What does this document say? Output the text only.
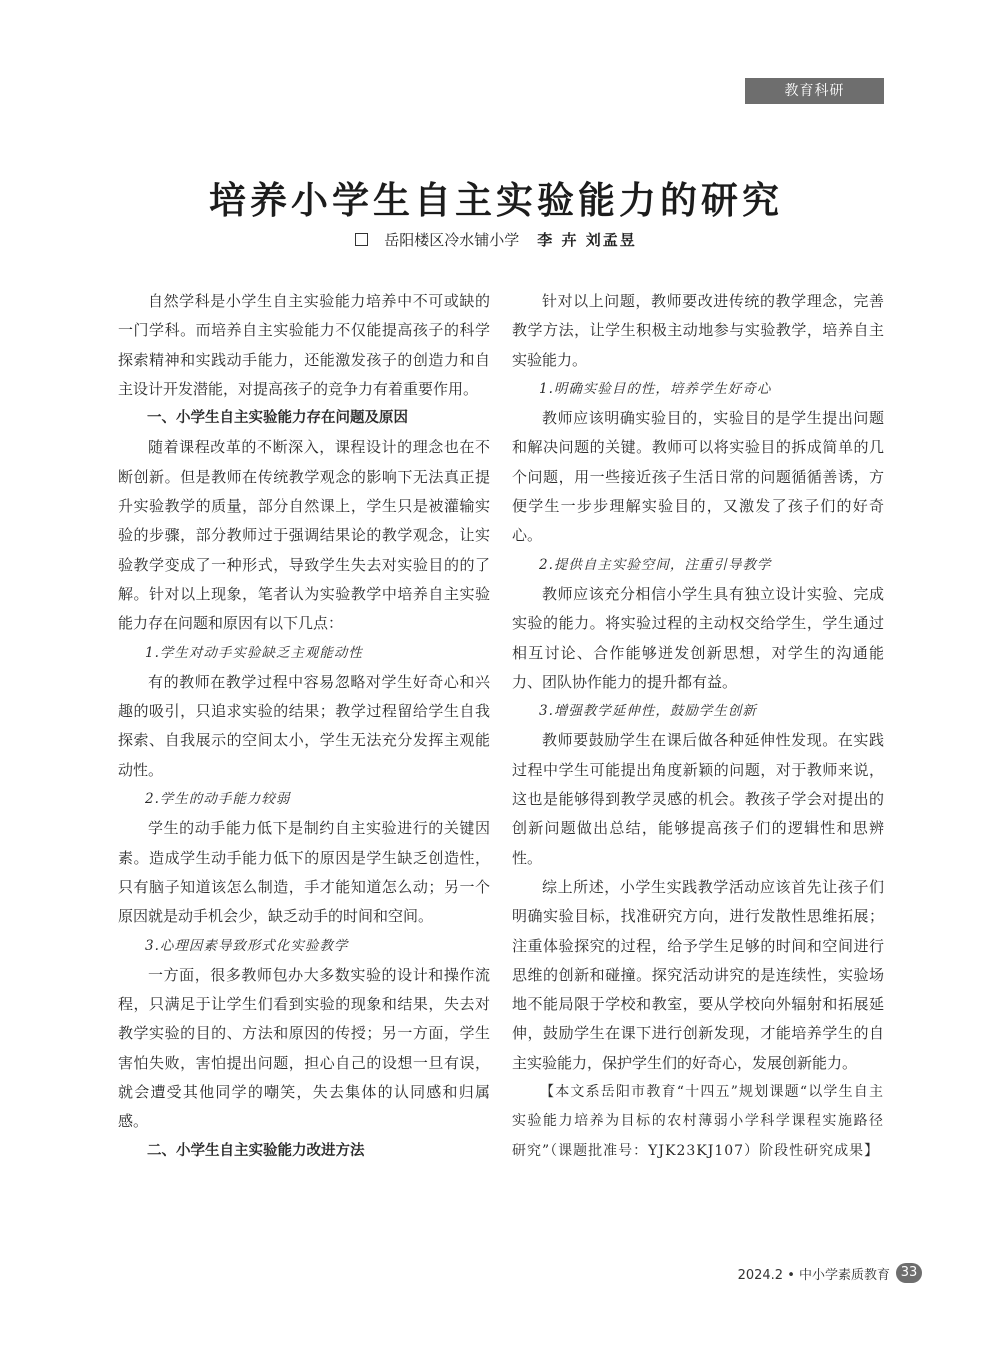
教育科研
培养小学生自主实验能力的研究
岳阳楼区冷水铺小学 李 卉 刘孟昱

自然学科是小学生自主实验能力培养中不可或缺的一门学科。而培养自主实验能力不仅能提高孩子的科学探索精神和实践动手能力，还能激发孩子的创造力和自主设计开发潜能，对提高孩子的竞争力有着重要作用。

一、小学生自主实验能力存在问题及原因

随着课程改革的不断深入，课程设计的理念也在不断创新。但是教师在传统教学观念的影响下无法真正提升实验教学的质量，部分自然课上，学生只是被灌输实验的步骤，部分教师过于强调结果论的教学观念，让实验教学变成了一种形式，导致学生失去对实验目的的了解。针对以上现象，笔者认为实验教学中培养自主实验能力存在问题和原因有以下几点：

1.学生对动手实验缺乏主观能动性

有的教师在教学过程中容易忽略对学生好奇心和兴趣的吸引，只追求实验的结果；教学过程留给学生自我探索、自我展示的空间太小，学生无法充分发挥主观能动性。

2.学生的动手能力较弱

学生的动手能力低下是制约自主实验进行的关键因素。造成学生动手能力低下的原因是学生缺乏创造性，只有脑子知道该怎么制造，手才能知道怎么动；另一个原因就是动手机会少，缺乏动手的时间和空间。

3.心理因素导致形式化实验教学

一方面，很多教师包办大多数实验的设计和操作流程，只满足于让学生们看到实验的现象和结果，失去对教学实验的目的、方法和原因的传授；另一方面，学生害怕失败，害怕提出问题，担心自己的设想一旦有误，就会遭受其他同学的嘲笑，失去集体的认同感和归属感。

二、小学生自主实验能力改进方法

针对以上问题，教师要改进传统的教学理念，完善教学方法，让学生积极主动地参与实验教学，培养自主实验能力。

1.明确实验目的性，培养学生好奇心

教师应该明确实验目的，实验目的是学生提出问题和解决问题的关键。教师可以将实验目的拆成简单的几个问题，用一些接近孩子生活日常的问题循循善诱，方便学生一步步理解实验目的，又激发了孩子们的好奇心。

2.提供自主实验空间，注重引导教学

教师应该充分相信小学生具有独立设计实验、完成实验的能力。将实验过程的主动权交给学生，学生通过相互讨论、合作能够迸发创新思想，对学生的沟通能力、团队协作能力的提升都有益。

3.增强教学延伸性，鼓励学生创新

教师要鼓励学生在课后做各种延伸性发现。在实践过程中学生可能提出角度新颖的问题，对于教师来说，这也是能够得到教学灵感的机会。教孩子学会对提出的创新问题做出总结，能够提高孩子们的逻辑性和思辨性。

综上所述，小学生实践教学活动应该首先让孩子们明确实验目标，找准研究方向，进行发散性思维拓展；注重体验探究的过程，给予学生足够的时间和空间进行思维的创新和碰撞。探究活动讲究的是连续性，实验场地不能局限于学校和教室，要从学校向外辐射和拓展延伸，鼓励学生在课下进行创新发现，才能培养学生的自主实验能力，保护学生们的好奇心，发展创新能力。

【本文系岳阳市教育“十四五”规划课题“以学生自主实验能力培养为目标的农村薄弱小学科学课程实施路径研究”（课题批准号：YJK23KJ107）阶段性研究成果】

2024.2 • 中小学素质教育 33
